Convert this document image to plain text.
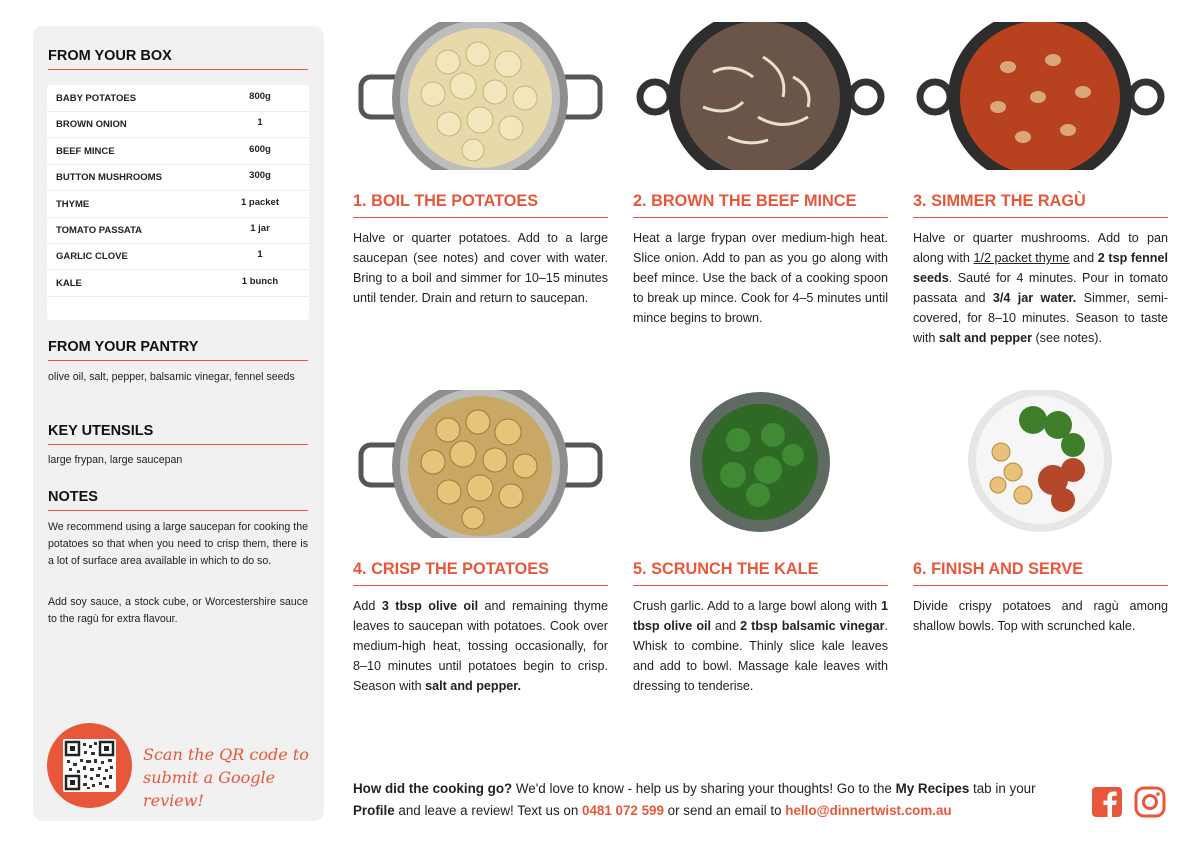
FROM YOUR BOX
BABY POTATOES	800g
BROWN ONION	1
BEEF MINCE	600g
BUTTON MUSHROOMS	300g
THYME	1 packet
TOMATO PASSATA	1 jar
GARLIC CLOVE	1
KALE	1 bunch
FROM YOUR PANTRY
olive oil, salt, pepper, balsamic vinegar, fennel seeds
KEY UTENSILS
large frypan, large saucepan
NOTES
We recommend using a large saucepan for cooking the potatoes so that when you need to crisp them, there is a lot of surface area available in which to do so.
Add soy sauce, a stock cube, or Worcestershire sauce to the ragù for extra flavour.
Scan the QR code to
submit a Google review!
1. BOIL THE POTATOES
Halve or quarter potatoes. Add to a large saucepan (see notes) and cover with water. Bring to a boil and simmer for 10–15 minutes until tender. Drain and return to saucepan.
2. BROWN THE BEEF MINCE
Heat a large frypan over medium-high heat. Slice onion. Add to pan as you go along with beef mince. Use the back of a cooking spoon to break up mince. Cook for 4–5 minutes until mince begins to brown.
3. SIMMER THE RAGÙ
Halve or quarter mushrooms. Add to pan along with 1/2 packet thyme and 2 tsp fennel seeds. Sauté for 4 minutes. Pour in tomato passata and 3/4 jar water. Simmer, semi-covered, for 8–10 minutes. Season to taste with salt and pepper (see notes).
4. CRISP THE POTATOES
Add 3 tbsp olive oil and remaining thyme leaves to saucepan with potatoes. Cook over medium-high heat, tossing occasionally, for 8–10 minutes until potatoes begin to crisp. Season with salt and pepper.
5. SCRUNCH THE KALE
Crush garlic. Add to a large bowl along with 1 tbsp olive oil and 2 tbsp balsamic vinegar. Whisk to combine. Thinly slice kale leaves and add to bowl. Massage kale leaves with dressing to tenderise.
6. FINISH AND SERVE
Divide crispy potatoes and ragù among shallow bowls. Top with scrunched kale.
How did the cooking go? We'd love to know - help us by sharing your thoughts! Go to the My Recipes tab in your Profile and leave a review! Text us on 0481 072 599 or send an email to hello@dinnertwist.com.au
